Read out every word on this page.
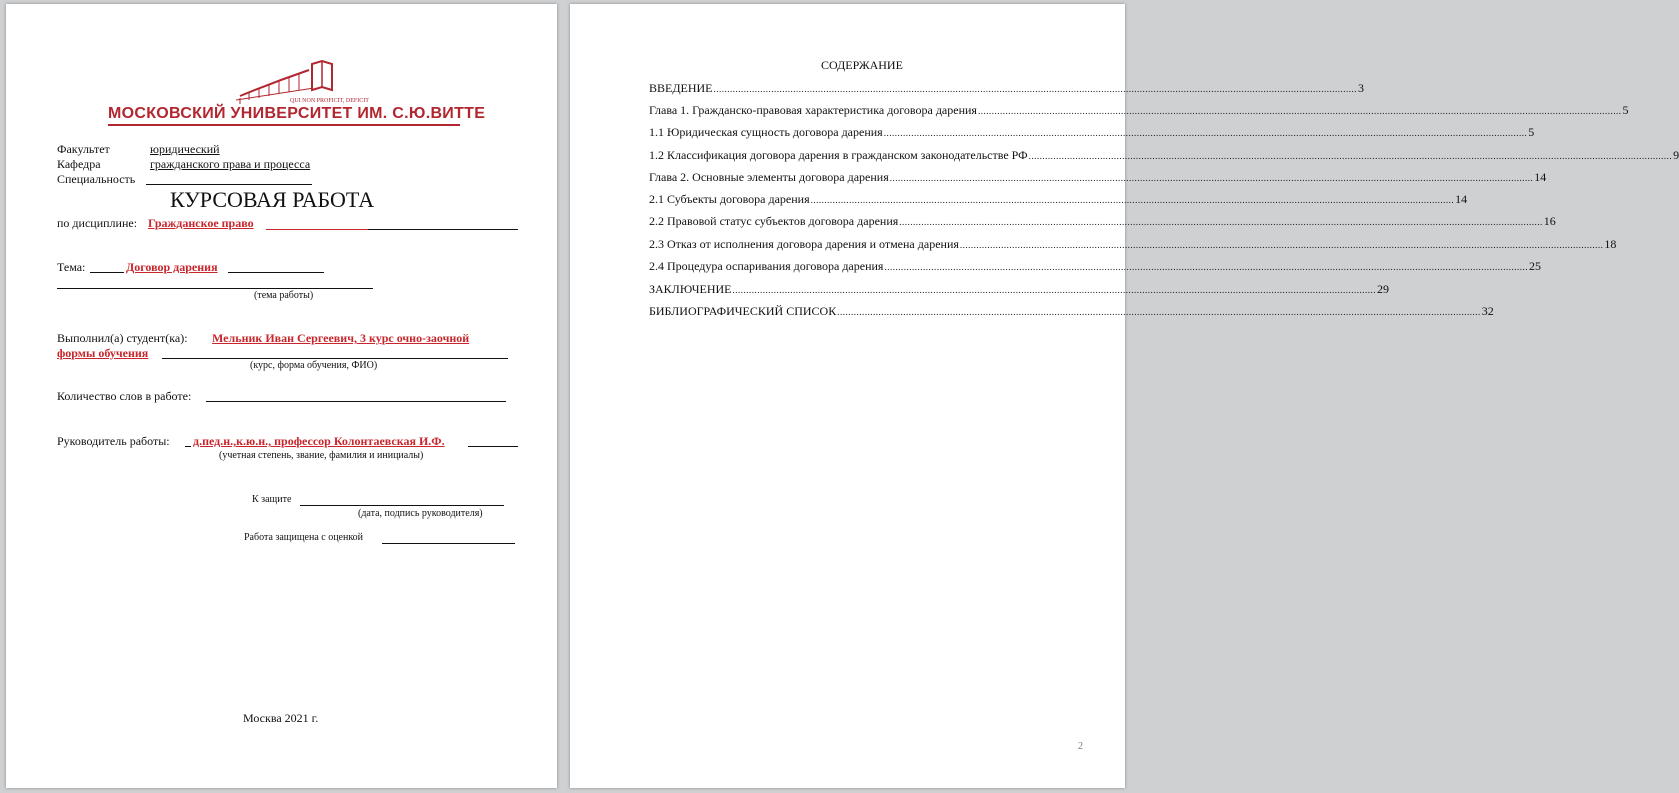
QUI NON PROFICIT, DEFICIT
МОСКОВСКИЙ УНИВЕРСИТЕТ ИМ. С.Ю.ВИТТЕ
Факультет	юридический
Кафедра	гражданского права и процесса
Специальность
КУРСОВАЯ РАБОТА
по дисциплине: Гражданское право
Тема:	Договор дарения
(тема работы)
Выполнил(а) студент(ка): Мельник Иван Сергеевич, 3 курс очно-заочной
формы обучения
(курс, форма обучения, ФИО)
Количество слов в работе:
Руководитель работы: д.пед.н.,к.ю.н., профессор Колонтаевская И.Ф.
(учетная степень, звание, фамилия и инициалы)
К защите
(дата, подпись руководителя)
Работа защищена с оценкой
Москва 2021 г.
СОДЕРЖАНИЕ
ВВЕДЕНИЕ .......................................................................................................................................................................................................................................... 3
Глава 1. Гражданско-правовая характеристика договора дарения .......................................................................................................................................................................................................................................... 5
1.1 Юридическая сущность договора дарения .......................................................................................................................................................................................................................................... 5
1.2 Классификация договора дарения в гражданском законодательстве РФ .......................................................................................................................................................................................................................................... 9
Глава 2. Основные элементы договора дарения .......................................................................................................................................................................................................................................... 14
2.1 Субъекты договора дарения .......................................................................................................................................................................................................................................... 14
2.2 Правовой статус субъектов договора дарения .......................................................................................................................................................................................................................................... 16
2.3 Отказ от исполнения договора дарения и отмена дарения .......................................................................................................................................................................................................................................... 18
2.4 Процедура оспаривания договора дарения .......................................................................................................................................................................................................................................... 25
ЗАКЛЮЧЕНИЕ .......................................................................................................................................................................................................................................... 29
БИБЛИОГРАФИЧЕСКИЙ СПИСОК .......................................................................................................................................................................................................................................... 32
2
